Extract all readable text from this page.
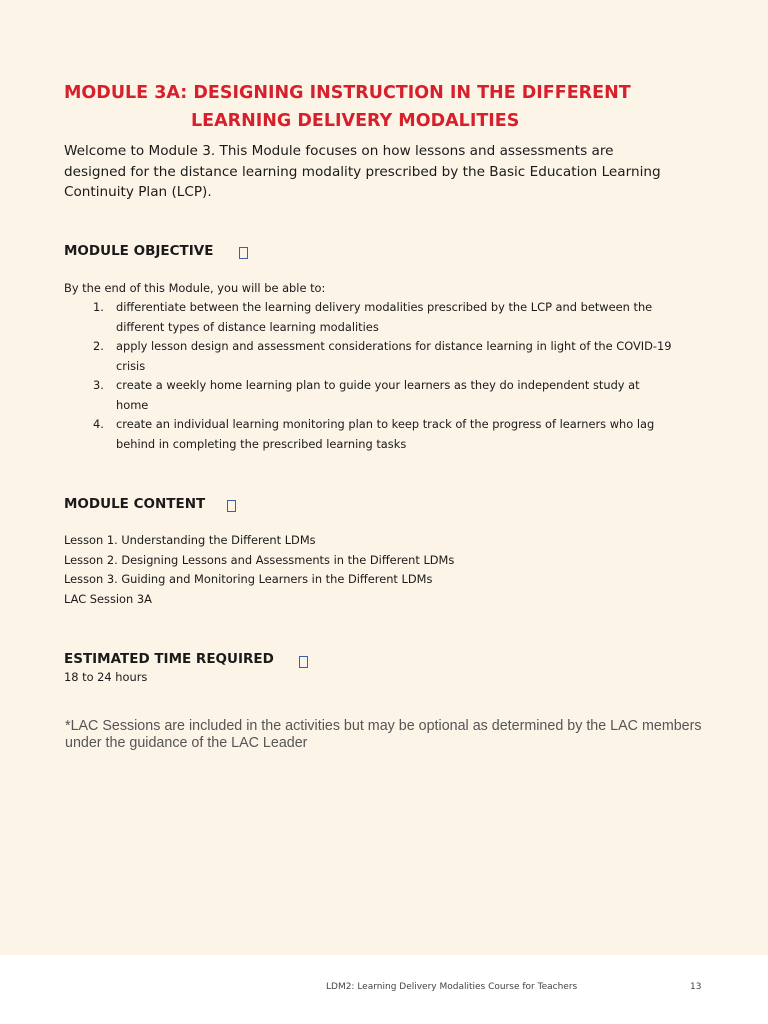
MODULE 3A: DESIGNING INSTRUCTION IN THE DIFFERENT
LEARNING DELIVERY MODALITIES

Welcome to Module 3. This Module focuses on how lessons and assessments are designed for the distance learning modality prescribed by the Basic Education Learning Continuity Plan (LCP).

MODULE OBJECTIVE

By the end of this Module, you will be able to:

1. differentiate between the learning delivery modalities prescribed by the LCP and between the different types of distance learning modalities
2. apply lesson design and assessment considerations for distance learning in light of the COVID-19 crisis
3. create a weekly home learning plan to guide your learners as they do independent study at home
4. create an individual learning monitoring plan to keep track of the progress of learners who lag behind in completing the prescribed learning tasks
MODULE CONTENT
Lesson 1. Understanding the Different LDMs
Lesson 2. Designing Lessons and Assessments in the Different LDMs
Lesson 3. Guiding and Monitoring Learners in the Different LDMs
LAC Session 3A
ESTIMATED TIME REQUIRED

18 to 24 hours

*LAC Sessions are included in the activities but may be optional as determined by the LAC members under the guidance of the LAC Leader

LDM2: Learning Delivery Modalities Course for Teachers	13
